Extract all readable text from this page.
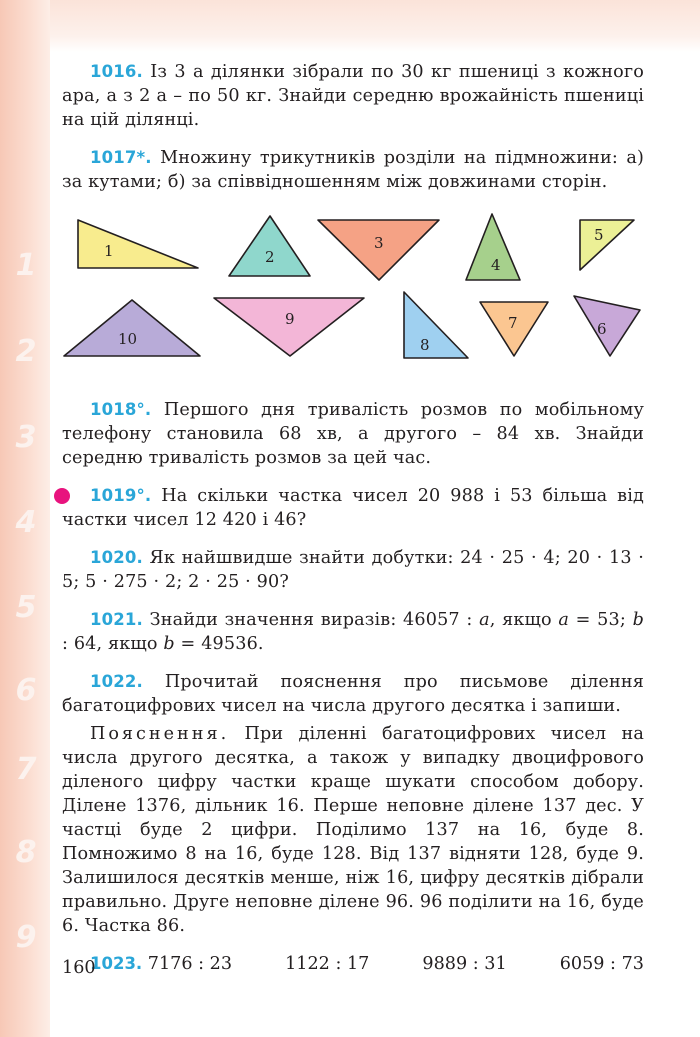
1
2
3
4
5
6
7
8
9

1016. Із 3 а ділянки зібрали по 30 кг пшениці з кожного ара, а з 2 а – по 50 кг. Знайди середню врожайність пшениці на цій ділянці.

1017*. Множину трикутників розділи на підмножини: а) за кутами; б) за співвідношенням між довжинами сторін.

1	2
3
4
5
10
9
8
7	6

1018°. Першого дня тривалість розмов по мобільному телефону становила 68 хв, а другого – 84 хв. Знайди середню тривалість розмов за цей час.

1019°. На скільки частка чисел 20 988 і 53 більша від частки чисел 12 420 і 46?

1020. Як найшвидше знайти добутки: 24 · 25 · 4; 20 · 13 · 5; 5 · 275 · 2; 2 · 25 · 90?

1021. Знайди значення виразів: 46057 : а, якщо а = 53; b : 64, якщо b = 49536.

1022. Прочитай пояснення про письмове ділення багатоцифрових чисел на числа другого десятка і запиши.

Пояснення. При діленні багатоцифрових чисел на числа другого десятка, а також у випадку двоцифрового діленого цифру частки краще шукати способом добору. Ділене 1376, дільник 16. Перше неповне ділене 137 дес. У частці буде 2 цифри. Поділимо 137 на 16, буде 8. Помножимо 8 на 16, буде 128. Від 137 відняти 128, буде 9. Залишилося десятків менше, ніж 16, цифру десятків дібрали правильно. Друге неповне ділене 96. 96 поділити на 16, буде 6. Частка 86.

1023. 7176 : 23	1122 : 17	9889 : 31	6059 : 73
160
